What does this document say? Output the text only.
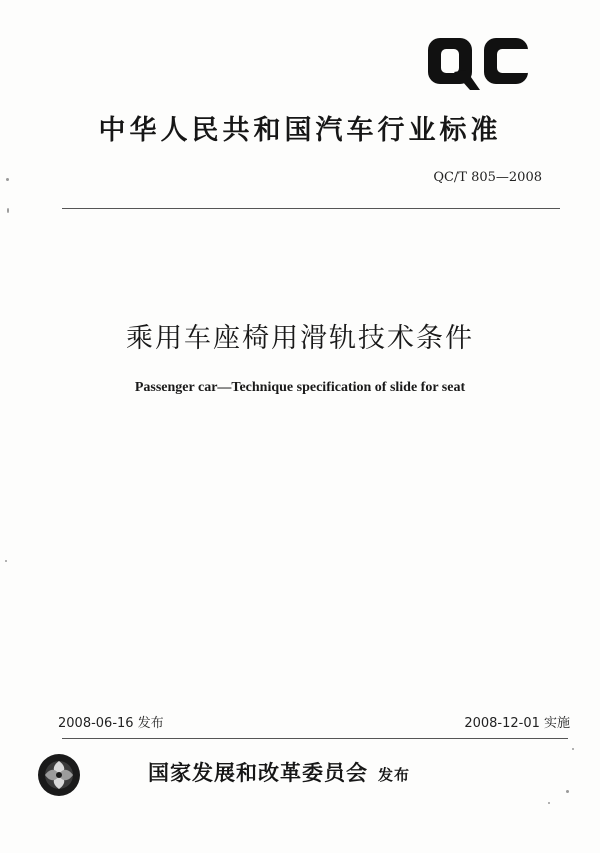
中华人民共和国汽车行业标准
QC/T 805—2008
乘用车座椅用滑轨技术条件
Passenger car—Technique specification of slide for seat
2008-06-16 发布	2008-12-01 实施
国家发展和改革委员会 发布
